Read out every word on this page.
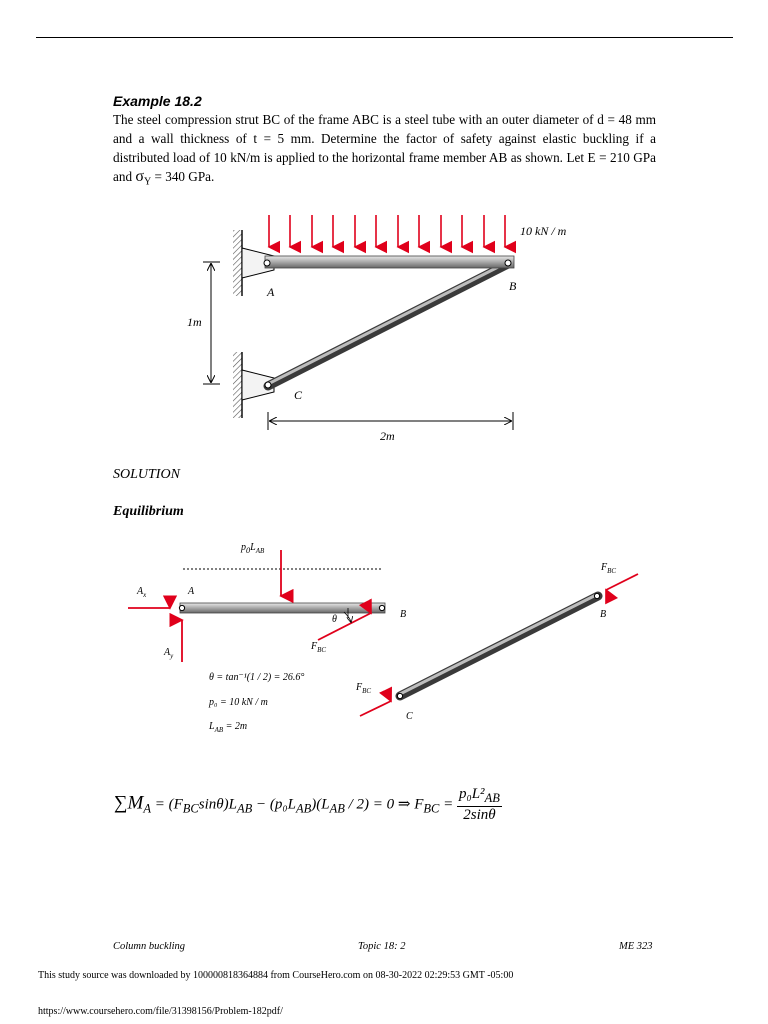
Example 18.2

The steel compression strut BC of the frame ABC is a steel tube with an outer diameter of d = 48 mm and a wall thickness of t = 5 mm. Determine the factor of safety against elastic buckling if a distributed load of 10 kN/m is applied to the horizontal frame member AB as shown. Let E = 210 GPa and $\sigma_Y = 340$ GPa.

10 kN / m
A	B
C
1m
2m
SOLUTION
Equilibrium
$p_0L_{AB}$
$A_x$	A
B
θ
$F_{BC}$
$A_y$
θ = tan⁻¹(1 / 2) = 26.6°
p₀ = 10 kN / m
$L_{AB} = 2m$
$F_{BC}$
B
$F_{BC}$
C
$\sum M_A = (F_{BC}\sin\theta)L_{AB} - (p_0L_{AB})(L_{AB} / 2) = 0$ ⇒ $F_{BC} = \frac{p_0L^2_{AB}}{2\sin\theta}$
Column buckling	Topic 18: 2	ME 323
This study source was downloaded by 100000818364884 from CourseHero.com on 08-30-2022 02:29:53 GMT -05:00
https://www.coursehero.com/file/31398156/Problem-182pdf/
